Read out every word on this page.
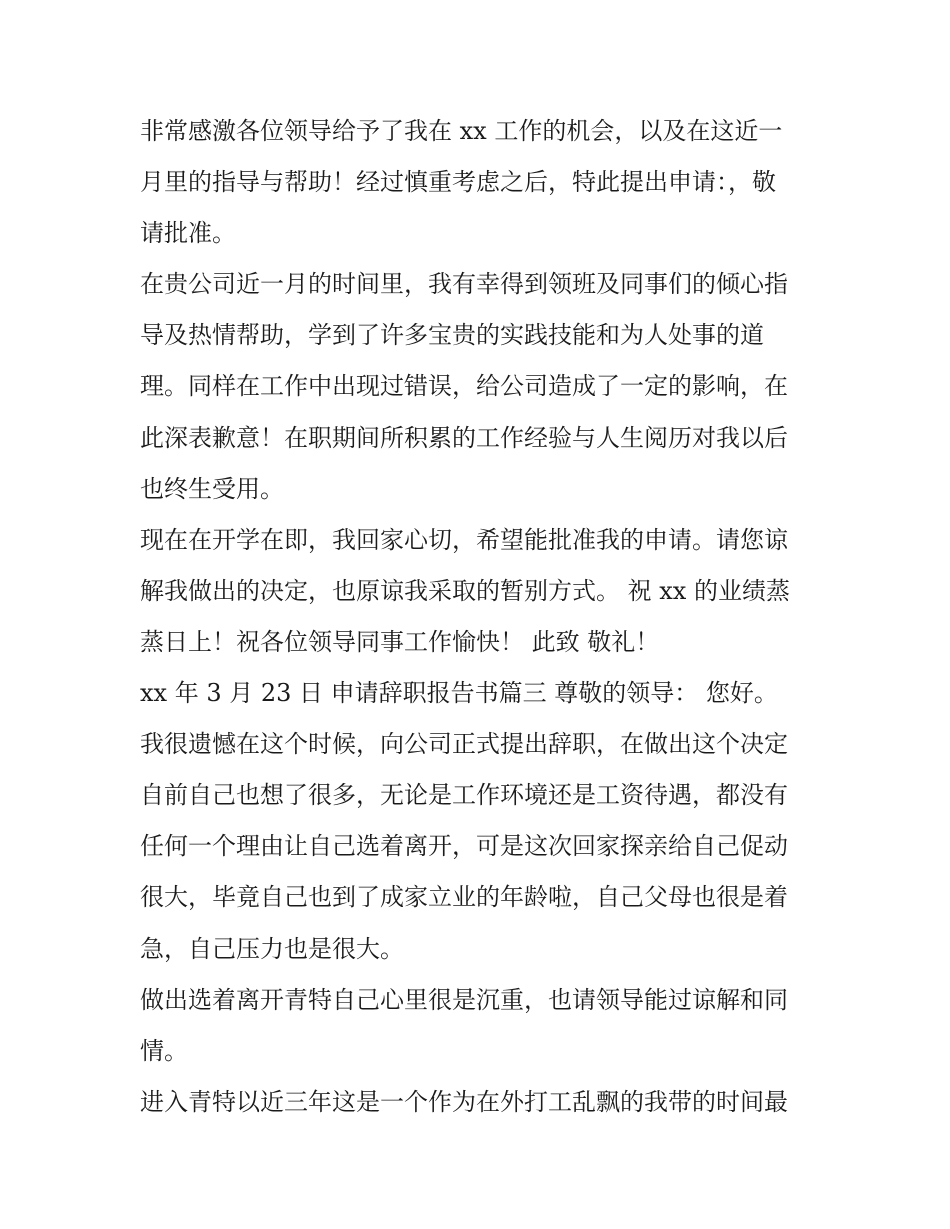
非常感激各位领导给予了我在 xx 工作的机会，以及在这近一
月里的指导与帮助！经过慎重考虑之后，特此提出申请：，敬
请批准。

在贵公司近一月的时间里，我有幸得到领班及同事们的倾心指
导及热情帮助，学到了许多宝贵的实践技能和为人处事的道
理。同样在工作中出现过错误，给公司造成了一定的影响，在
此深表歉意！在职期间所积累的工作经验与人生阅历对我以后
也终生受用。

现在在开学在即，我回家心切，希望能批准我的申请。请您谅
解我做出的决定，也原谅我采取的暂别方式。 祝 xx 的业绩蒸
蒸日上！祝各位领导同事工作愉快！ 此致 敬礼！

xx 年 3 月 23 日 申请辞职报告书篇三 尊敬的领导： 您好。

我很遗憾在这个时候，向公司正式提出辞职，在做出这个决定
自前自己也想了很多，无论是工作环境还是工资待遇，都没有
任何一个理由让自己选着离开，可是这次回家探亲给自己促动
很大，毕竟自己也到了成家立业的年龄啦，自己父母也很是着
急，自己压力也是很大。

做出选着离开青特自己心里很是沉重，也请领导能过谅解和同
情。

进入青特以近三年这是一个作为在外打工乱飘的我带的时间最
